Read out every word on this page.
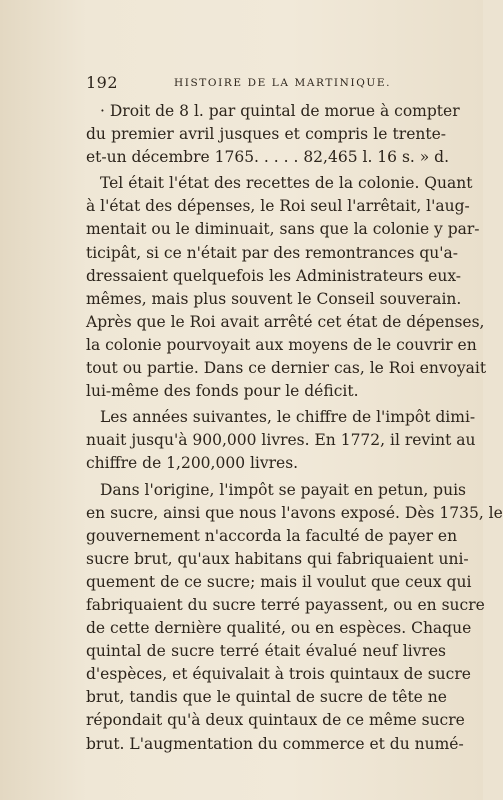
192	HISTOIRE DE LA MARTINIQUE.
· Droit de 8 l. par quintal de morue à compter
du premier avril jusques et compris le trente-
et-un décembre 1765. . . . . 82,465 l. 16 s. » d.
Tel était l'état des recettes de la colonie. Quant
à l'état des dépenses, le Roi seul l'arrêtait, l'aug-
mentait ou le diminuait, sans que la colonie y par-
ticipât, si ce n'était par des remontrances qu'a-
dressaient quelquefois les Administrateurs eux-
mêmes, mais plus souvent le Conseil souverain.
Après que le Roi avait arrêté cet état de dépenses,
la colonie pourvoyait aux moyens de le couvrir en
tout ou partie. Dans ce dernier cas, le Roi envoyait
lui-même des fonds pour le déficit.
Les années suivantes, le chiffre de l'impôt dimi-
nuait jusqu'à 900,000 livres. En 1772, il revint au
chiffre de 1,200,000 livres.
Dans l'origine, l'impôt se payait en petun, puis
en sucre, ainsi que nous l'avons exposé. Dès 1735, le
gouvernement n'accorda la faculté de payer en
sucre brut, qu'aux habitans qui fabriquaient uni-
quement de ce sucre; mais il voulut que ceux qui
fabriquaient du sucre terré payassent, ou en sucre
de cette dernière qualité, ou en espèces. Chaque
quintal de sucre terré était évalué neuf livres
d'espèces, et équivalait à trois quintaux de sucre
brut, tandis que le quintal de sucre de tête ne
répondait qu'à deux quintaux de ce même sucre
brut. L'augmentation du commerce et du numé-
